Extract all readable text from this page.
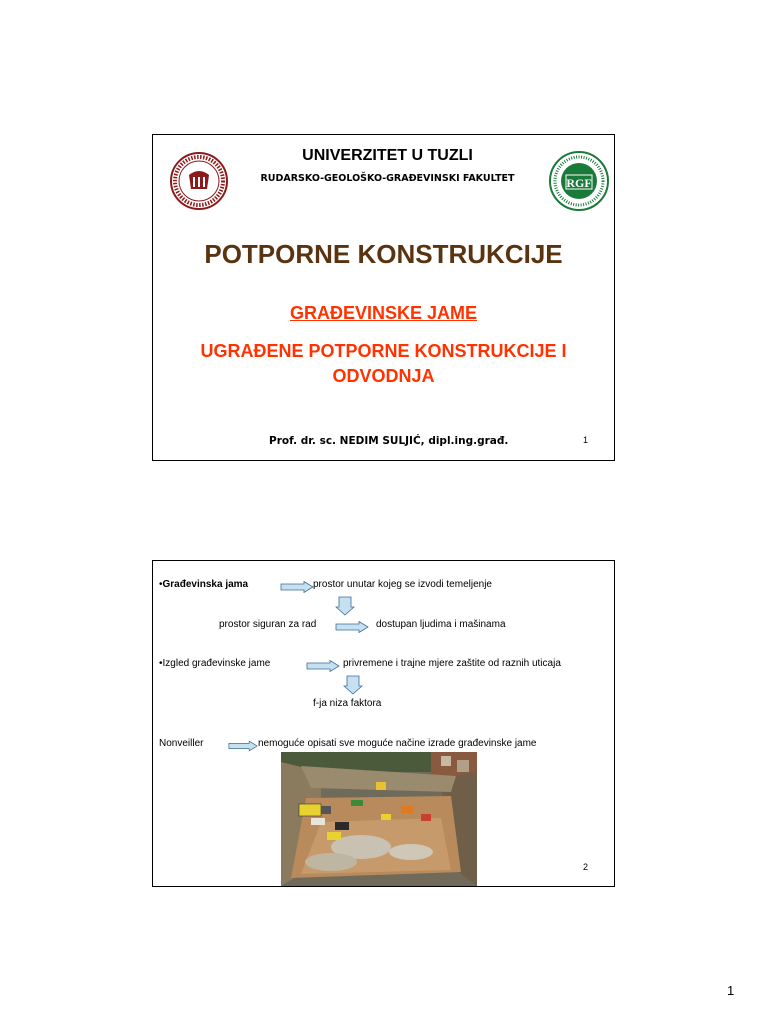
UNIVERZITET U TUZLI
RUDARSKO-GEOLOŠKO-GRAĐEVINSKI FAKULTET	RGF
POTPORNE KONSTRUKCIJE
GRAĐEVINSKE JAME
UGRAĐENE POTPORNE KONSTRUKCIJE I ODVODNJA
Prof. dr. sc. NEDIM SULJIĆ, dipl.ing.građ.	1
•Građevinska jama	prostor unutar kojeg se izvodi temeljenje
prostor siguran za rad	dostupan ljudima i mašinama
•Izgled građevinske jame	privremene i trajne mjere zaštite od raznih uticaja
f-ja niza faktora
Nonveiller	nemoguće opisati sve moguće načine izrade građevinske jame
2
1
